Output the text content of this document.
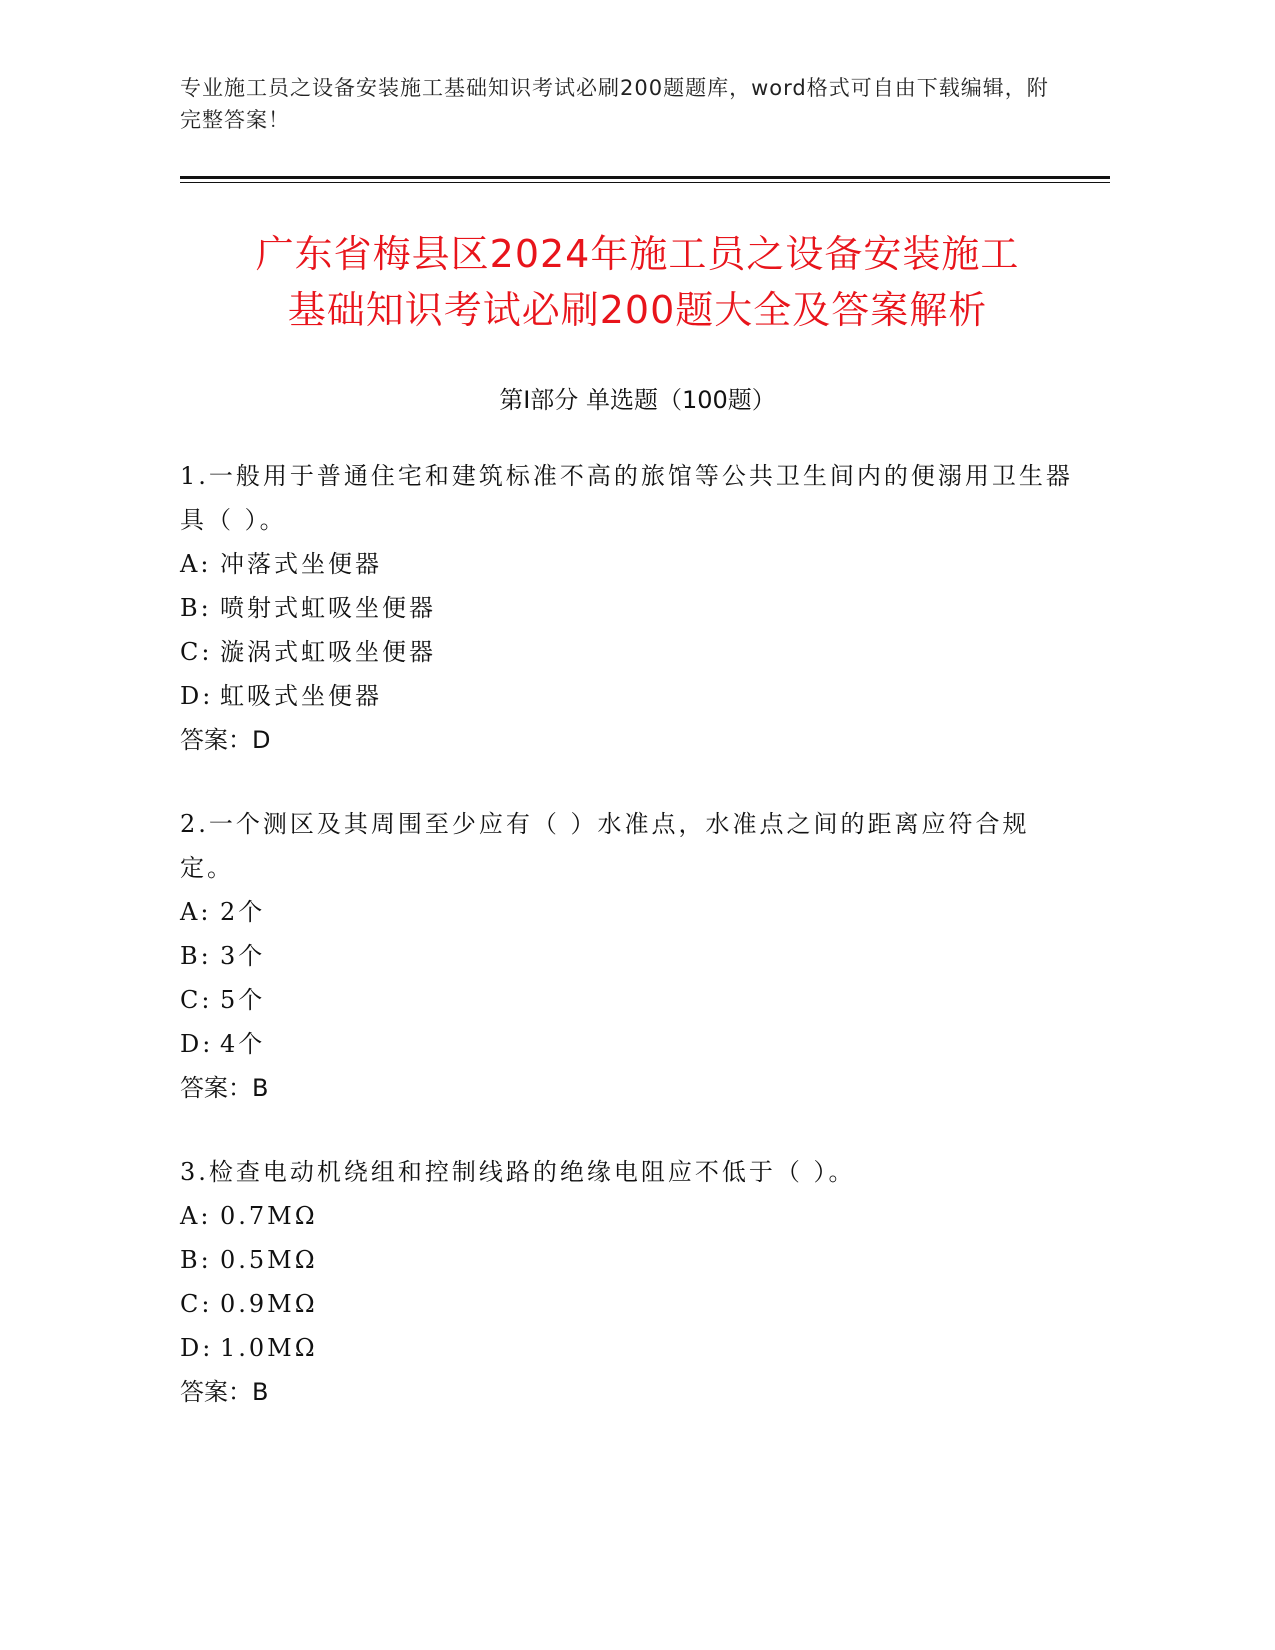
专业施工员之设备安装施工基础知识考试必刷200题题库，word格式可自由下载编辑，附完整答案！
广东省梅县区2024年施工员之设备安装施工
基础知识考试必刷200题大全及答案解析
第Ⅰ部分 单选题（100题）
1.一般用于普通住宅和建筑标准不高的旅馆等公共卫生间内的便溺用卫生器具（ ）。
A: 冲落式坐便器
B: 喷射式虹吸坐便器
C: 漩涡式虹吸坐便器
D: 虹吸式坐便器
答案：D
2.一个测区及其周围至少应有（ ）水准点，水准点之间的距离应符合规定。
A: 2个
B: 3个
C: 5个
D: 4个
答案：B
3.检查电动机绕组和控制线路的绝缘电阻应不低于（ ）。
A: 0.7MΩ
B: 0.5MΩ
C: 0.9MΩ
D: 1.0MΩ
答案：B
